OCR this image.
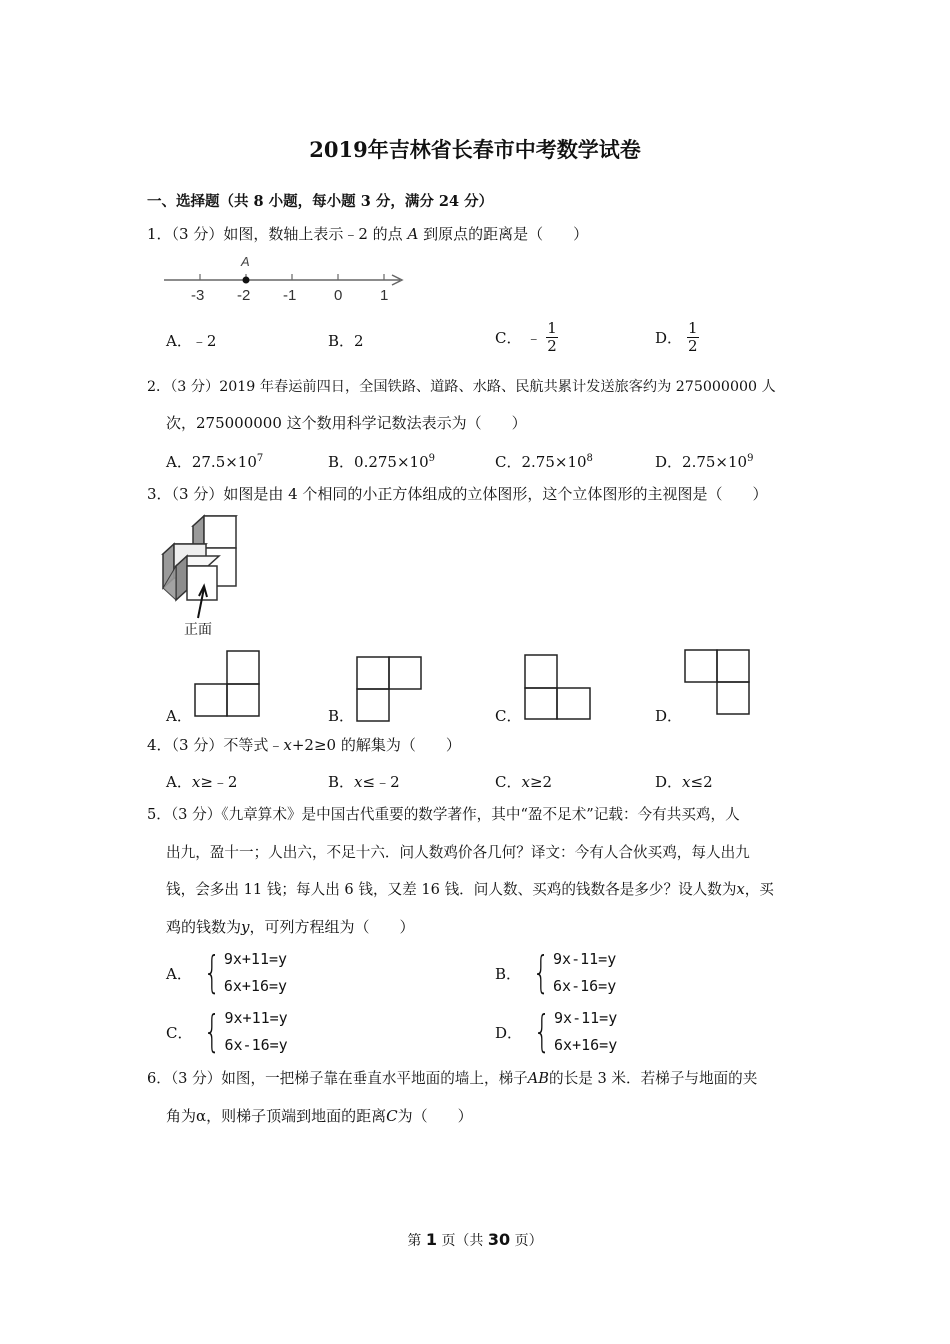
2019年吉林省长春市中考数学试卷
一、选择题（共 8 小题，每小题 3 分，满分 24 分）
1．（3 分）如图，数轴上表示﹣2 的点 A 到原点的距离是（　　）
A
-3 -2 -1	0	1
A．﹣2	B．2	C． ﹣ $\frac{1}{2}$	D． $\frac{1}{2}$
2．（3 分）2019 年春运前四日，全国铁路、道路、水路、民航共累计发送旅客约为 275000000 人
次，275000000 这个数用科学记数法表示为（　　）
A．$27.5\times 10^7$	B．$0.275\times 10^9$	C．$2.75\times 10^8$	D．$2.75\times 10^9$
3．（3 分）如图是由 4 个相同的小正方体组成的立体图形，这个立体图形的主视图是（　　）
正面
A．	B．	C．	D．
4．（3 分）不等式﹣x+2≥0 的解集为（　　）
A．x≥﹣2	B．x≤﹣2	C．x≥2	D．x≤2
5．（3 分）《九章算术》是中国古代重要的数学著作，其中“盈不足术”记载：今有共买鸡，人
出九，盈十一；人出六，不足十六．问人数鸡价各几何？译文：今有人合伙买鸡，每人出九
钱，会多出 11 钱；每人出 6 钱，又差 16 钱．问人数、买鸡的钱数各是多少？设人数为x，买
鸡的钱数为y，可列方程组为（　　）
A． { 9x+11=y
6x+16=y
B． { 9x-11=y
6x-16=y
C． { 9x+11=y
6x-16=y
D． { 9x-11=y
6x+16=y
6．（3 分）如图，一把梯子靠在垂直水平地面的墙上，梯子AB的长是 3 米．若梯子与地面的夹
角为α，则梯子顶端到地面的距离C为（　　）
第 1 页（共 30 页）
